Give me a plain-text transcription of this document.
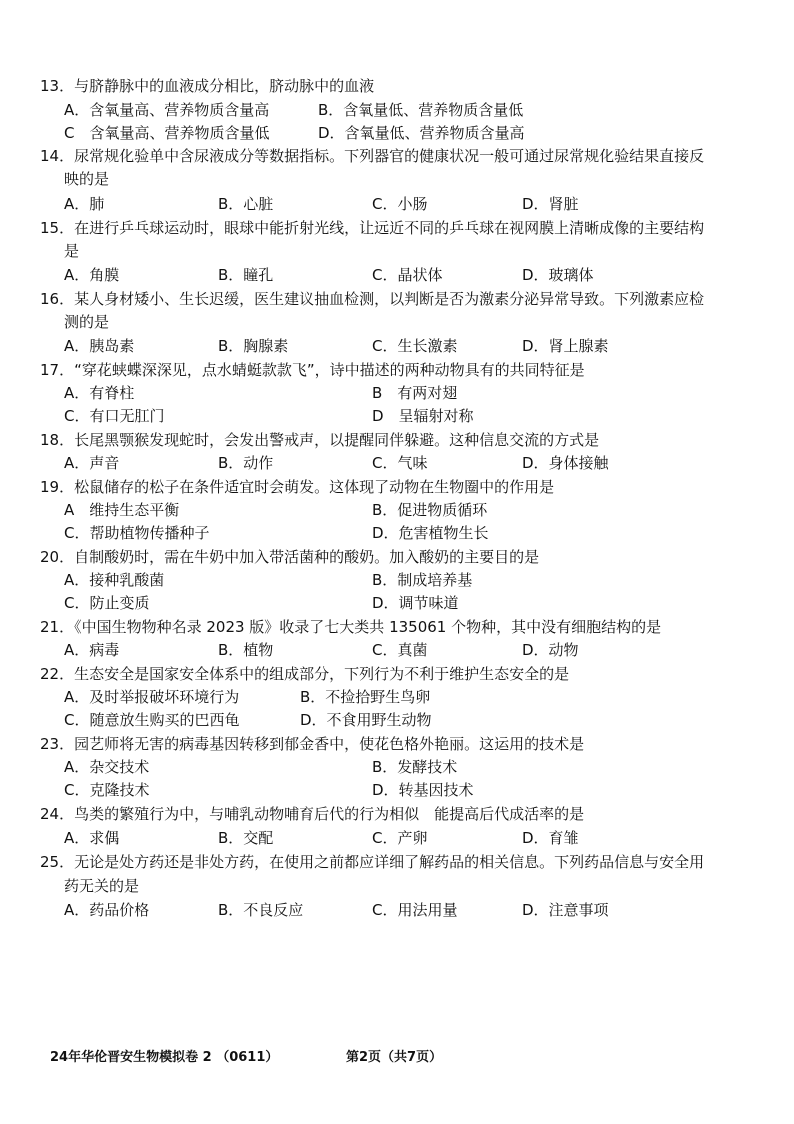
13．与脐静脉中的血液成分相比，脐动脉中的血液
A．含氧量高、营养物质含量高	B．含氧量低、营养物质含量低
C　含氧量高、营养物质含量低	D．含氧量低、营养物质含量高
14．尿常规化验单中含尿液成分等数据指标。下列器官的健康状况一般可通过尿常规化验结果直接反
映的是
A．肺	B．心脏	C．小肠	D．肾脏
15．在进行乒乓球运动时，眼球中能折射光线，让远近不同的乒乓球在视网膜上清晰成像的主要结构
是
A．角膜	B．瞳孔	C．晶状体	D．玻璃体
16．某人身材矮小、生长迟缓，医生建议抽血检测，以判断是否为激素分泌异常导致。下列激素应检
测的是
A．胰岛素	B．胸腺素	C．生长激素	D．肾上腺素
17．“穿花蛱蝶深深见，点水蜻蜓款款飞”，诗中描述的两种动物具有的共同特征是
A．有脊柱	B　有两对翅
C．有口无肛门	D　呈辐射对称
18．长尾黑颚猴发现蛇时，会发出警戒声，以提醒同伴躲避。这种信息交流的方式是
A．声音	B．动作	C．气味	D．身体接触
19．松鼠储存的松子在条件适宜时会萌发。这体现了动物在生物圈中的作用是
A　维持生态平衡	B．促进物质循环
C．帮助植物传播种子	D．危害植物生长
20．自制酸奶时，需在牛奶中加入带活菌种的酸奶。加入酸奶的主要目的是
A．接种乳酸菌	B．制成培养基
C．防止变质	D．调节味道
21．《中国生物物种名录 2023 版》收录了七大类共 135061 个物种，其中没有细胞结构的是
A．病毒	B．植物	C．真菌	D．动物
22．生态安全是国家安全体系中的组成部分，下列行为不利于维护生态安全的是
A．及时举报破坏环境行为	B．不捡拾野生鸟卵
C．随意放生购买的巴西龟	D．不食用野生动物
23．园艺师将无害的病毒基因转移到郁金香中，使花色格外艳丽。这运用的技术是
A．杂交技术	B．发酵技术
C．克隆技术	D．转基因技术
24．鸟类的繁殖行为中，与哺乳动物哺育后代的行为相似　能提高后代成活率的是
A．求偶	B．交配	C．产卵	D．育雏
25．无论是处方药还是非处方药，在使用之前都应详细了解药品的相关信息。下列药品信息与安全用
药无关的是
A．药品价格	B．不良反应	C．用法用量	D．注意事项
24年华伦晋安生物模拟卷 2 （0611）	第2页（共7页）
